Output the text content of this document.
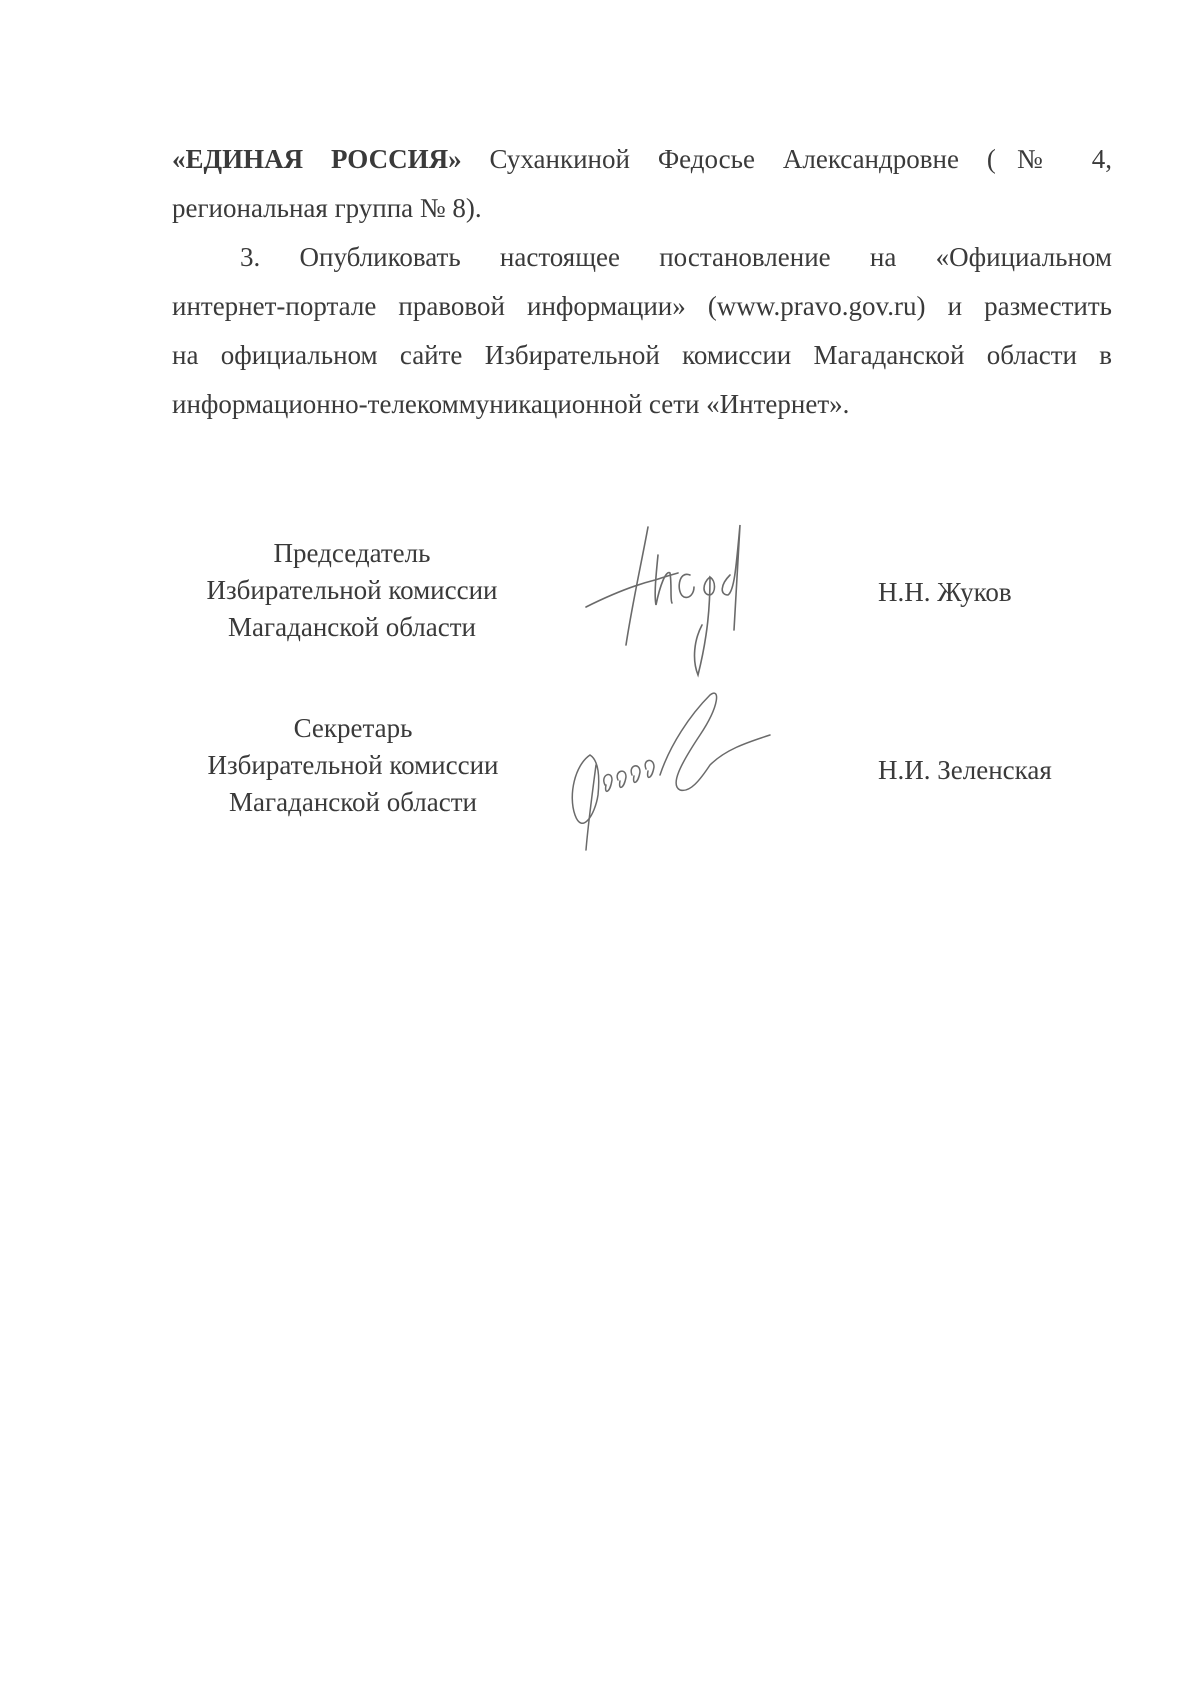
«ЕДИНАЯ РОССИЯ» Суханкиной Федосье Александровне (№ 4,
региональная группа № 8).
3. Опубликовать настоящее постановление на «Официальном
интернет-портале правовой информации» (www.pravo.gov.ru) и разместить
на официальном сайте Избирательной комиссии Магаданской области в
информационно-телекоммуникационной сети «Интернет».
Председатель
Избирательной комиссии
Магаданской области
Н.Н. Жуков
Секретарь
Избирательной комиссии
Магаданской области
Н.И. Зеленская
